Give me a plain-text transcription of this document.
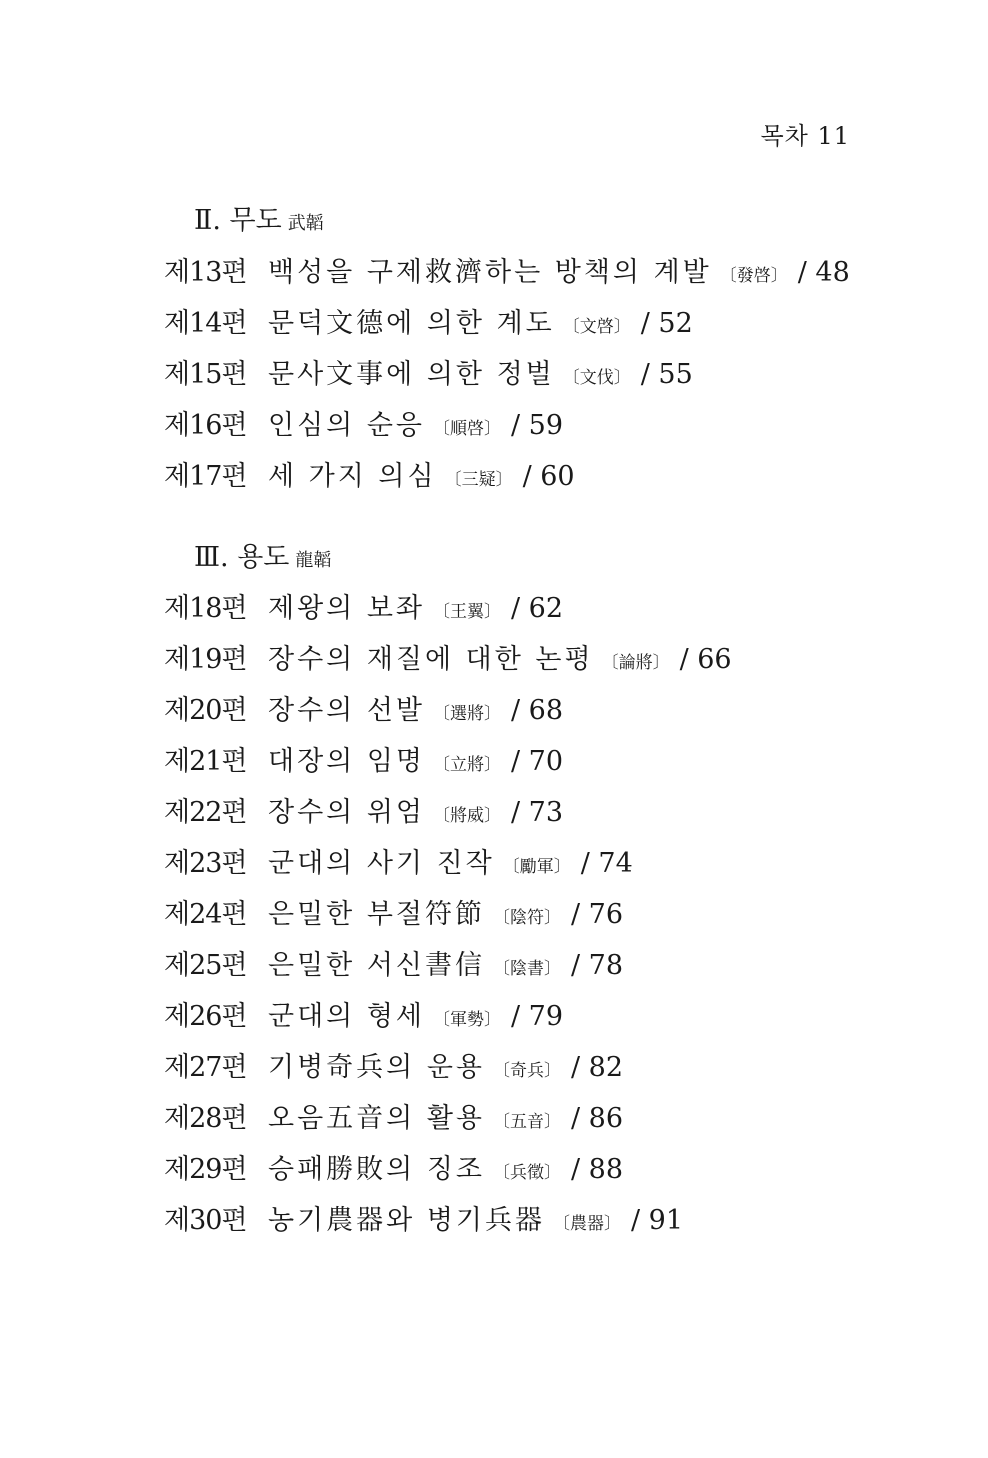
목차 11
Ⅱ. 무도 武韜
제13편 백성을 구제救濟하는 방책의 계발 〔發啓〕 / 48
제14편 문덕文德에 의한 계도 〔文啓〕 / 52
제15편 문사文事에 의한 정벌 〔文伐〕 / 55
제16편 인심의 순응 〔順啓〕 / 59
제17편 세 가지 의심 〔三疑〕 / 60
Ⅲ. 용도 龍韜
제18편 제왕의 보좌 〔王翼〕 / 62
제19편 장수의 재질에 대한 논평 〔論將〕 / 66
제20편 장수의 선발 〔選將〕 / 68
제21편 대장의 임명 〔立將〕 / 70
제22편 장수의 위엄 〔將威〕 / 73
제23편 군대의 사기 진작 〔勵軍〕 / 74
제24편 은밀한 부절符節 〔陰符〕 / 76
제25편 은밀한 서신書信 〔陰書〕 / 78
제26편 군대의 형세 〔軍勢〕 / 79
제27편 기병奇兵의 운용 〔奇兵〕 / 82
제28편 오음五音의 활용 〔五音〕 / 86
제29편 승패勝敗의 징조 〔兵徵〕 / 88
제30편 농기農器와 병기兵器 〔農器〕 / 91
